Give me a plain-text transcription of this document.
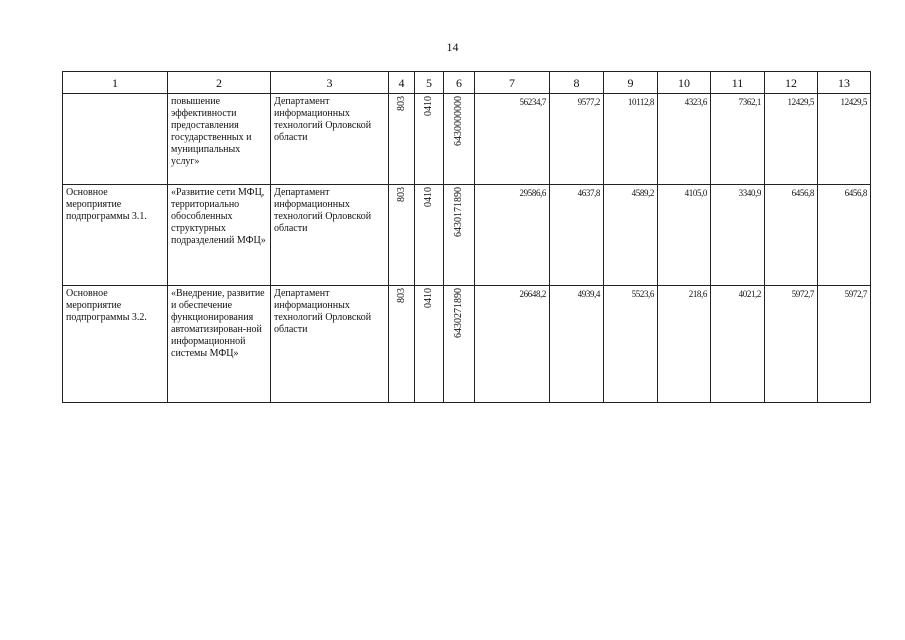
14
1	2	3	4	5	6	7	8	9	10	11	12	13
	повышение эффективности предоставления государственных и муниципальных услуг»	Департамент информационных технологий Орловской области	803	0410	6430000000	56234,7	9577,2	10112,8	4323,6	7362,1	12429,5	12429,5
Основное мероприятие подпрограммы 3.1.	«Развитие сети МФЦ, территориально обособленных структурных подразделений МФЦ»	Департамент информационных технологий Орловской области	803	0410	6430171890	29586,6	4637,8	4589,2	4105,0	3340,9	6456,8	6456,8
Основное мероприятие подпрограммы 3.2.	«Внедрение, развитие и обеспечение функционирования автоматизирован-ной информационной системы МФЦ»	Департамент информационных технологий Орловской области	803	0410	6430271890	26648,2	4939,4	5523,6	218,6	4021,2	5972,7	5972,7
